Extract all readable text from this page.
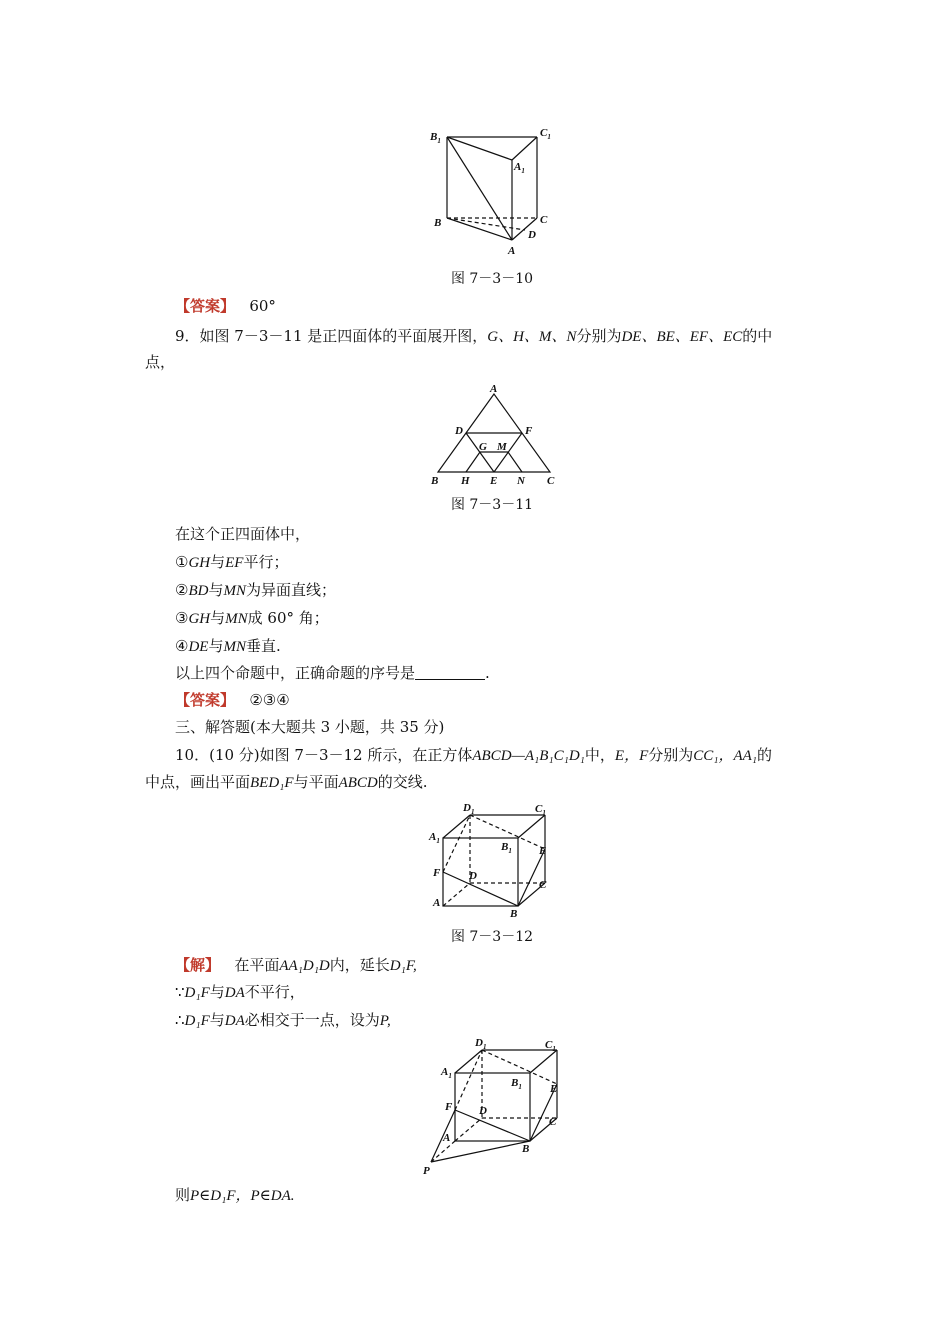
$B_1$
$C_1$
$A_1$
B	C
D
A
图 7－3－10
【答案】 60°
9．如图 7－3－11 是正四面体的平面展开图，G、H、M、N分别为DE、BE、EF、EC的中
点，
A
D	F
G M
B H E N C
图 7－3－11
在这个正四面体中，
①GH与EF平行；
②BD与MN为异面直线；
③GH与MN成 60° 角；
④DE与MN垂直.
以上四个命题中，正确命题的序号是	.
【答案】 ②③④
三、解答题(本大题共 3 小题，共 35 分)
10．(10 分)如图 7－3－12 所示，在正方体ABCD—A₁B₁C₁D₁中，E，F分别为CC₁，AA₁的
中点，画出平面BED₁F与平面ABCD的交线.
$D_1$	$C_1$
$A_1$	$B_1$ E
F	D
C
A
B
图 7－3－12
【解】 在平面AA₁D₁D内，延长D₁F,
∵D₁F与DA不平行，
∴D₁F与DA必相交于一点，设为P,
$D_1$	$C_1$
$A_1$
$B_1$	E
F D
C
A
B
P
则P∈D₁F，P∈DA.
